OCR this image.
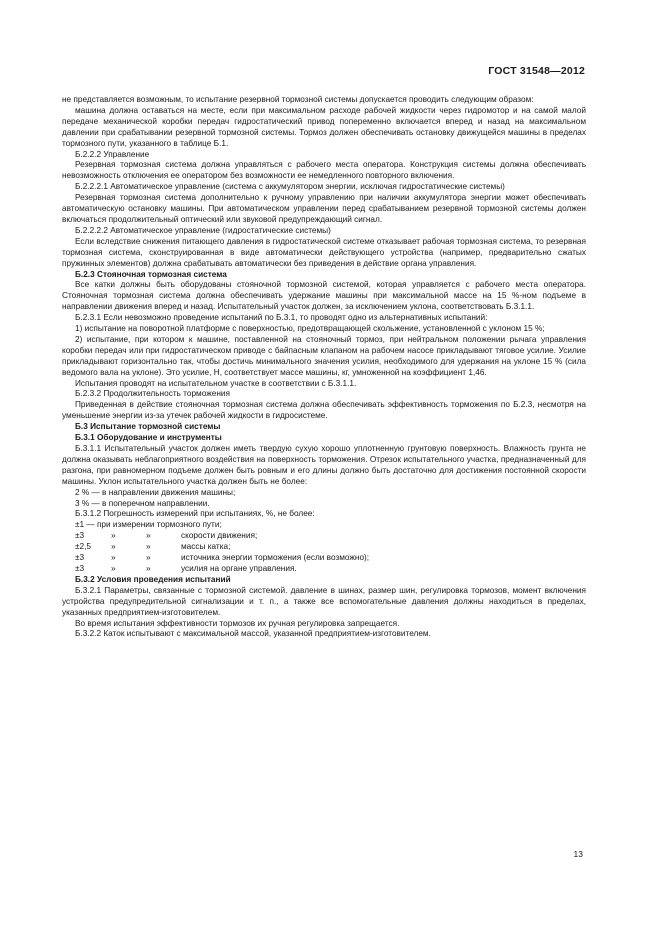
ГОСТ 31548—2012

не представляется возможным, то испытание резервной тормозной системы допускается проводить следующим образом:

машина должна оставаться на месте, если при максимальном расходе рабочей жидкости через гидромотор и на самой малой передаче механической коробки передач гидростатический привод попеременно включается вперед и назад на максимальном давлении при срабатывании резервной тормозной системы. Тормоз должен обеспечивать остановку движущейся машины в пределах тормозного пути, указанного в таблице Б.1.

Б.2.2.2 Управление

Резервная тормозная система должна управляться с рабочего места оператора. Конструкция системы должна обеспечивать невозможность отключения ее оператором без возможности ее немедленного повторного включения.

Б.2.2.2.1 Автоматическое управление (система с аккумулятором энергии, исключая гидростатические системы)

Резервная тормозная система дополнительно к ручному управлению при наличии аккумулятора энергии может обеспечивать автоматическую остановку машины. При автоматическом управлении перед срабатыванием резервной тормозной системы должен включаться продолжительный оптический или звуковой предупреждающий сигнал.

Б.2.2.2.2 Автоматическое управление (гидростатические системы)

Если вследствие снижения питающего давления в гидростатической системе отказывает рабочая тормозная система, то резервная тормозная система, сконструированная в виде автоматически действующего устройства (например, предварительно сжатых пружинных элементов) должна срабатывать автоматически без приведения в действие органа управления.

Б.2.3 Стояночная тормозная система

Все катки должны быть оборудованы стояночной тормозной системой, которая управляется с рабочего места оператора. Стояночная тормозная система должна обеспечивать удержание машины при максимальной массе на 15 %-ном подъеме в направлении движения вперед и назад. Испытательный участок должен, за исключением уклона, соответствовать Б.3.1.1.

Б.2.3.1 Если невозможно проведение испытаний по Б.3.1, то проводят одно из альтернативных испытаний:

1) испытание на поворотной платформе с поверхностью, предотвращающей скольжение, установленной с уклоном 15 %;

2) испытание, при котором к машине, поставленной на стояночный тормоз, при нейтральном положении рычага управления коробки передач или при гидростатическом приводе с байпасным клапаном на рабочем насосе прикладывают тяговое усилие. Усилие прикладывают горизонтально так, чтобы достичь минимального значения усилия, необходимого для удержания на уклоне 15 % (сила ведомого вала на уклоне). Это усилие, Н, соответствует массе машины, кг, умноженной на коэффициент 1,46.

Испытания проводят на испытательном участке в соответствии с Б.3.1.1.

Б.2.3.2 Продолжительность торможения

Приведенная в действие стояночная тормозная система должна обеспечивать эффективность торможения по Б.2.3, несмотря на уменьшение энергии из-за утечек рабочей жидкости в гидросистеме.

Б.3 Испытание тормозной системы

Б.3.1 Оборудование и инструменты

Б.3.1.1 Испытательный участок должен иметь твердую сухую хорошо уплотненную грунтовую поверхность. Влажность грунта не должна оказывать неблагоприятного воздействия на поверхность торможения. Отрезок испытательного участка, предназначенный для разгона, при равномерном подъеме должен быть ровным и его длины должно быть достаточно для достижения постоянной скорости машины. Уклон испытательного участка должен быть не более:

2 % — в направлении движения машины;

3 % — в поперечном направлении.

Б.3.1.2 Погрешность измерений при испытаниях, %, не более:

±1 — при измерении тормозного пути;

±3	»	»	скорости движения;
±2,5	»	»	массы катка;
±3	»	»	источника энергии торможения (если возможно);
±3	»	»	усилия на органе управления.

Б.3.2 Условия проведения испытаний

Б.3.2.1 Параметры, связанные с тормозной системой. давление в шинах, размер шин, регулировка тормозов, момент включения устройства предупредительной сигнализации и т. п., а также все вспомогательные давления должны находиться в пределах, указанных предприятием-изготовителем.

Во время испытания эффективности тормозов их ручная регулировка запрещается.

Б.3.2.2 Каток испытывают с максимальной массой, указанной предприятием-изготовителем.

13
